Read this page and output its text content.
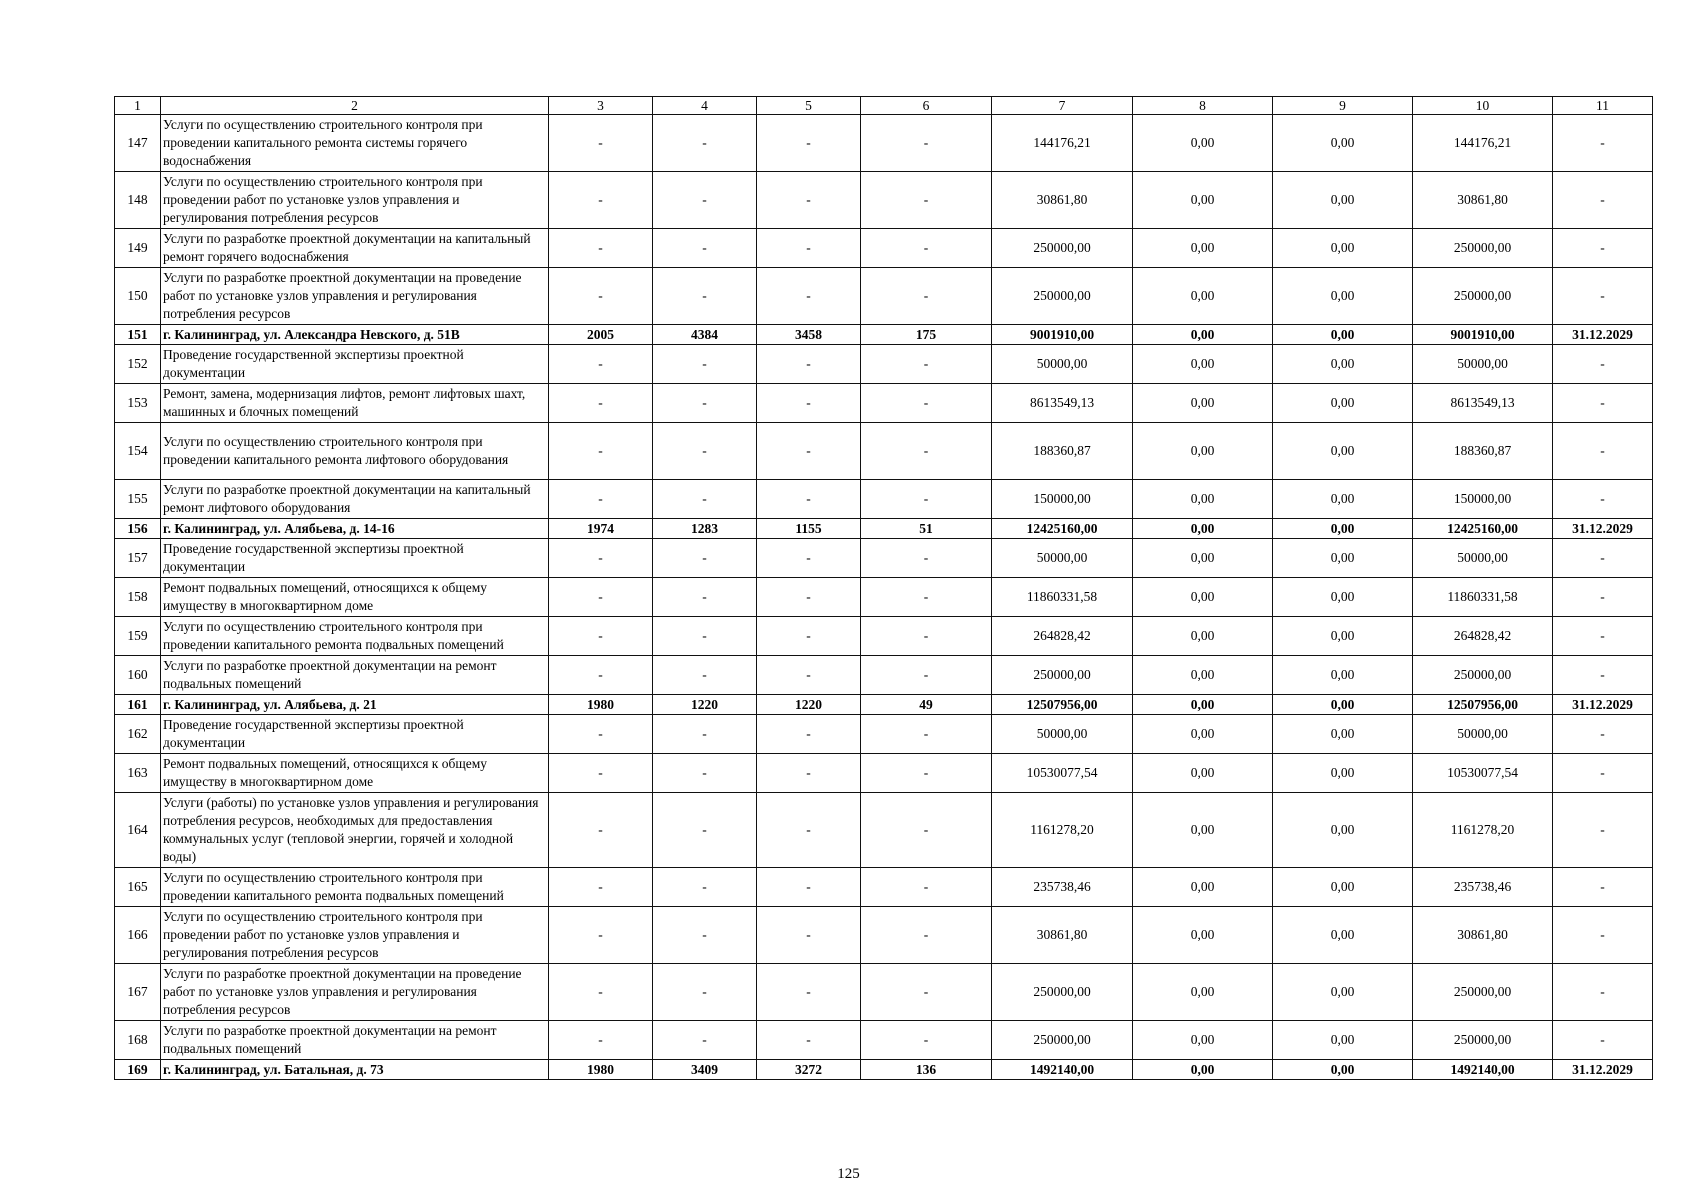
1	2	3	4	5	6	7	8	9	10	11
147	Услуги по осуществлению строительного контроля при проведении капитального ремонта системы горячего водоснабжения	-	-	-	-	144176,21	0,00	0,00	144176,21	-
148	Услуги по осуществлению строительного контроля при проведении работ по установке узлов управления и регулирования потребления ресурсов	-	-	-	-	30861,80	0,00	0,00	30861,80	-
149	Услуги по разработке проектной документации на капитальный ремонт горячего водоснабжения	-	-	-	-	250000,00	0,00	0,00	250000,00	-
150	Услуги по разработке проектной документации на проведение работ по установке узлов управления и регулирования потребления ресурсов	-	-	-	-	250000,00	0,00	0,00	250000,00	-
151	г. Калининград, ул. Александра Невского, д. 51В	2005	4384	3458	175	9001910,00	0,00	0,00	9001910,00	31.12.2029
152	Проведение государственной экспертизы проектной документации	-	-	-	-	50000,00	0,00	0,00	50000,00	-
153	Ремонт, замена, модернизация лифтов, ремонт лифтовых шахт, машинных и блочных помещений	-	-	-	-	8613549,13	0,00	0,00	8613549,13	-
154	Услуги по осуществлению строительного контроля при проведении капитального ремонта лифтового оборудования	-	-	-	-	188360,87	0,00	0,00	188360,87	-
155	Услуги по разработке проектной документации на капитальный ремонт лифтового оборудования	-	-	-	-	150000,00	0,00	0,00	150000,00	-
156	г. Калининград, ул. Алябьева, д. 14-16	1974	1283	1155	51	12425160,00	0,00	0,00	12425160,00	31.12.2029
157	Проведение государственной экспертизы проектной документации	-	-	-	-	50000,00	0,00	0,00	50000,00	-
158	Ремонт подвальных помещений, относящихся к общему имуществу в многоквартирном доме	-	-	-	-	11860331,58	0,00	0,00	11860331,58	-
159	Услуги по осуществлению строительного контроля при проведении капитального ремонта подвальных помещений	-	-	-	-	264828,42	0,00	0,00	264828,42	-
160	Услуги по разработке проектной документации на ремонт подвальных помещений	-	-	-	-	250000,00	0,00	0,00	250000,00	-
161	г. Калининград, ул. Алябьева, д. 21	1980	1220	1220	49	12507956,00	0,00	0,00	12507956,00	31.12.2029
162	Проведение государственной экспертизы проектной документации	-	-	-	-	50000,00	0,00	0,00	50000,00	-
163	Ремонт подвальных помещений, относящихся к общему имуществу в многоквартирном доме	-	-	-	-	10530077,54	0,00	0,00	10530077,54	-
164	Услуги (работы) по установке узлов управления и регулирования потребления ресурсов, необходимых для предоставления коммунальных услуг (тепловой энергии, горячей и холодной воды)	-	-	-	-	1161278,20	0,00	0,00	1161278,20	-
165	Услуги по осуществлению строительного контроля при проведении капитального ремонта подвальных помещений	-	-	-	-	235738,46	0,00	0,00	235738,46	-
166	Услуги по осуществлению строительного контроля при проведении работ по установке узлов управления и регулирования потребления ресурсов	-	-	-	-	30861,80	0,00	0,00	30861,80	-
167	Услуги по разработке проектной документации на проведение работ по установке узлов управления и регулирования потребления ресурсов	-	-	-	-	250000,00	0,00	0,00	250000,00	-
168	Услуги по разработке проектной документации на ремонт подвальных помещений	-	-	-	-	250000,00	0,00	0,00	250000,00	-
169	г. Калининград, ул. Батальная, д. 73	1980	3409	3272	136	1492140,00	0,00	0,00	1492140,00	31.12.2029
125
